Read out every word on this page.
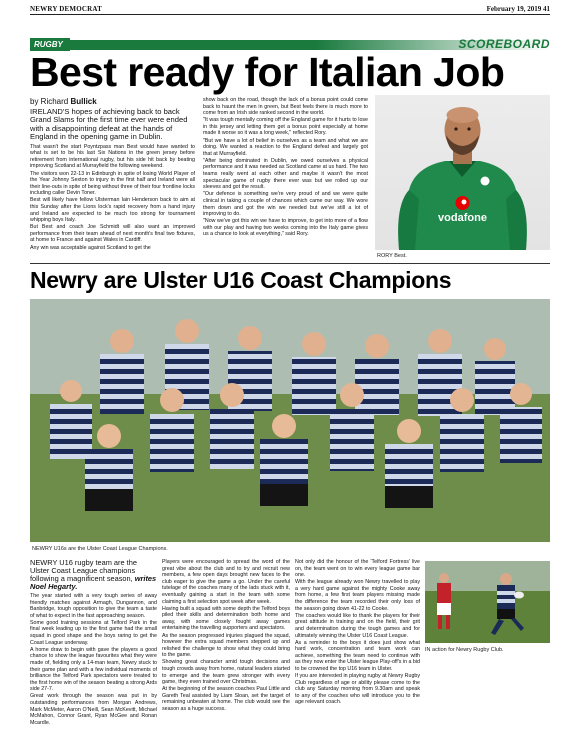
NEWRY DEMOCRAT	February 19, 2019 41
RUGBY	SCOREBOARD
Best ready for Italian Job
by Richard Bullick

IRELAND'S hopes of achieving back to back Grand Slams for the first time ever were ended with a disappointing defeat at the hands of England in the opening game in Dublin.

That wasn't the start Poyntzpass man Best would have wanted to what is set to be his last Six Nations in the green jersey before retirement from international rugby, but his side hit back by beating improving Scotland at Murrayfield the following weekend.

The visitors won 22-13 in Edinburgh in spite of losing World Player of the Year Johnny Sexton to injury in the first half and Ireland were all their line-outs in spite of being without three of their four frontline locks including caller Devin Toner.

Best will likely have fellow Ulsterman Iain Henderson back to aim at this Sunday after the Lions lock's rapid recovery from a hand injury and Ireland are expected to be much too strong for tournament whipping boys Italy.

But Best and coach Joe Schmidt will also want an improved performance from their team ahead of next month's final two fixtures, at home to France and against Wales in Cardiff.

Any win was acceptable against Scotland to get the

show back on the road, though the lack of a bonus point could come back to haunt the men in green, but Best feels there is much more to come from an Irish side ranked second in the world.

"It was tough mentally coming off the England game for it hurts to lose in this jersey and letting them get a bonus point especially at home made it worse so it was a long week," reflected Rory.

"But we have a lot of belief in ourselves as a team and what we are doing. We wanted a reaction to the England defeat and largely got that at Murrayfield.

"After being dominated in Dublin, we owed ourselves a physical performance and it was needed as Scotland came at us hard. The two teams really went at each other and maybe it wasn't the most spectacular game of rugby there ever was but we rolled up our sleeves and got the result.

"Our defence is something we're very proud of and we were quite clinical in taking a couple of chances which came our way. We wore them down and got the win we needed but we've still a lot of improving to do.

"Now we've got this win we have to improve, to get into more of a flow with our play and having two weeks coming into the Italy game gives us a chance to look at everything," said Rory.

vodafone
RORY Best.
Newry are Ulster U16 Coast Champions
NEWRY U16s are the Ulster Coast League Champions.

NEWRY U16 rugby team are the Ulster Coast League champions following a magnificent season, writes Noel Hegarty.

The year started with a very tough series of away friendly matches against Armagh, Dungannon, and Banbridge, tough opposition to give the team a taste of what to expect in the fast approaching season.

Some good training sessions at Telford Park in the final week leading up to the first game had the small squad in good shape and the boys raring to get the Coast League underway.

A home draw to begin with gave the players a good chance to show the league favourites what they were made of, fielding only a 14-man team, Newry stuck to their game plan and with a few individual moments of brilliance the Telford Park spectators were treated to the first home win of the season beating a strong Ards side 27-7.

Great work through the season was put in by outstanding performances from Morgan Andrews, Mark McMeter, Aaron O'Neill, Sean McKevitt, Michael McMahon, Connor Grant, Ryan McGee and Ronan Mcardle.

Players were encouraged to spread the word of the great vibe about the club and to try and recruit new members, a few open days brought new faces to the club eager to give the game a go. Under the careful tutelage of the coaches many of the lads stuck with it, eventually gaining a start in the team with some claiming a first selection spot week after week.

Having built a squad with some depth the Telford boys piled their skills and determination both home and away, with some closely fought away games entertaining the travelling supporters and spectators.

As the season progressed injuries plagued the squad, however the extra squad members stepped up and relished the challenge to show what they could bring to the game.

Showing great character amid tough decisions and tough crowds away from home, natural leaders started to emerge and the team grew stronger with every game, they even trained over Christmas.

At the beginning of the season coaches Paul Little and Gareth Teal assisted by Liam Sloan, set the target of remaining unbeaten at home. The club would see the season as a huge success.

Not only did the honour of the 'Telford Fortress' live on, the team went on to win every league game bar one.

With the league already won Newry travelled to play a very hard game against the mighty Cooke away from home, a few first team players missing made the difference the team recorded their only loss of the season going down 41-22 to Cooke.

The coaches would like to thank the players for their great attitude in training and on the field, their grit and determination during the tough games and for ultimately winning the Ulster U16 Coast League.

As a reminder to the boys it does just show what hard work, concentration and team work can achieve, something the team need to continue with as they now enter the Ulster league Play-off's in a bid to be crowned the top U16 team in Ulster.

If you are interested in playing rugby at Newry Rugby Club regardless of age or ability please come to the club any Saturday morning from 9.30am and speak to any of the coaches who will introduce you to the age relevant coach.

IN action for Newry Rugby Club.
